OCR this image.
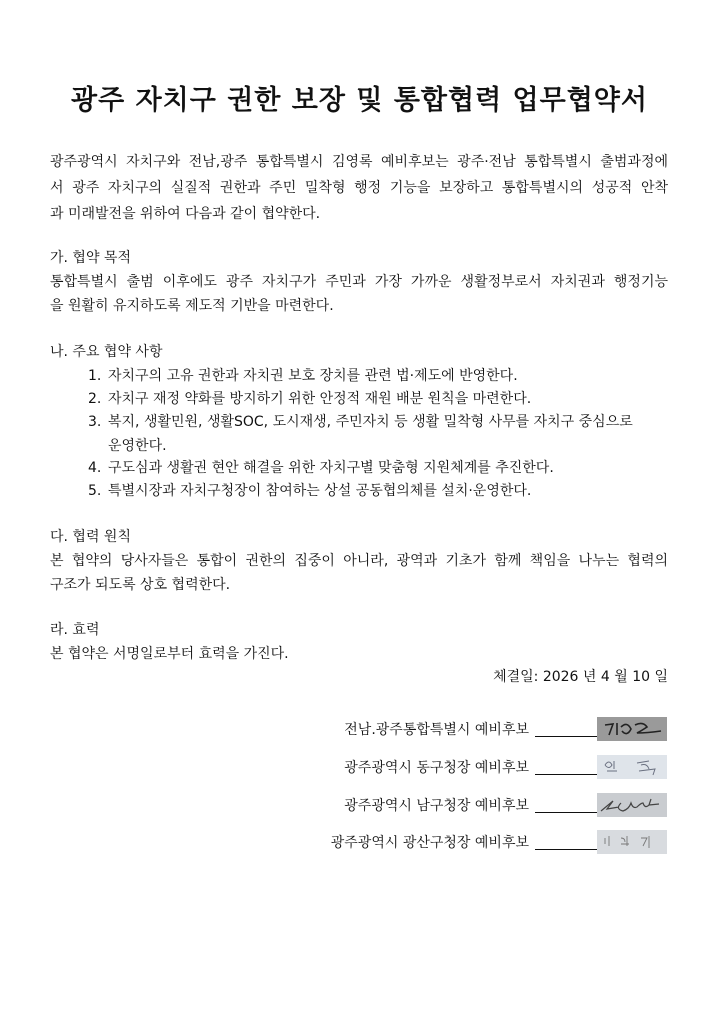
광주 자치구 권한 보장 및 통합협력 업무협약서
광주광역시 자치구와 전남,광주 통합특별시 김영록 예비후보는 광주·전남 통합특별시 출범과정에
서 광주 자치구의 실질적 권한과 주민 밀착형 행정 기능을 보장하고 통합특별시의 성공적 안착
과 미래발전을 위하여 다음과 같이 협약한다.
가. 협약 목적
통합특별시 출범 이후에도 광주 자치구가 주민과 가장 가까운 생활정부로서 자치권과 행정기능
을 원활히 유지하도록 제도적 기반을 마련한다.
나. 주요 협약 사항
1. 자치구의 고유 권한과 자치권 보호 장치를 관련 법·제도에 반영한다.
2. 자치구 재정 약화를 방지하기 위한 안정적 재원 배분 원칙을 마련한다.
3. 복지, 생활민원, 생활SOC, 도시재생, 주민자치 등 생활 밀착형 사무를 자치구 중심으로
운영한다.
4. 구도심과 생활권 현안 해결을 위한 자치구별 맞춤형 지원체계를 추진한다.
5. 특별시장과 자치구청장이 참여하는 상설 공동협의체를 설치·운영한다.
다. 협력 원칙
본 협약의 당사자들은 통합이 권한의 집중이 아니라, 광역과 기초가 함께 책임을 나누는 협력의
구조가 되도록 상호 협력한다.
라. 효력
본 협약은 서명일로부터 효력을 가진다.
체결일: 2026 년 4 월 10 일
전남.광주통합특별시 예비후보
광주광역시 동구청장 예비후보
광주광역시 남구청장 예비후보
광주광역시 광산구청장 예비후보
